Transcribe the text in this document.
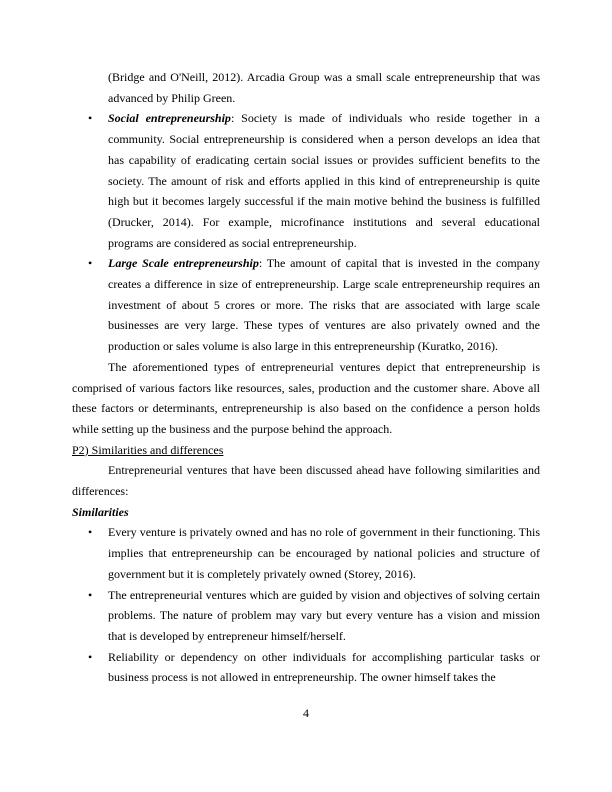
(Bridge and O'Neill, 2012). Arcadia Group was a small scale entrepreneurship that was advanced by Philip Green.

• Social entrepreneurship: Society is made of individuals who reside together in a community. Social entrepreneurship is considered when a person develops an idea that has capability of eradicating certain social issues or provides sufficient benefits to the society. The amount of risk and efforts applied in this kind of entrepreneurship is quite high but it becomes largely successful if the main motive behind the business is fulfilled (Drucker, 2014). For example, microfinance institutions and several educational programs are considered as social entrepreneurship.
• Large Scale entrepreneurship: The amount of capital that is invested in the company creates a difference in size of entrepreneurship. Large scale entrepreneurship requires an investment of about 5 crores or more. The risks that are associated with large scale businesses are very large. These types of ventures are also privately owned and the production or sales volume is also large in this entrepreneurship (Kuratko, 2016).

The aforementioned types of entrepreneurial ventures depict that entrepreneurship is comprised of various factors like resources, sales, production and the customer share. Above all these factors or determinants, entrepreneurship is also based on the confidence a person holds while setting up the business and the purpose behind the approach.

P2) Similarities and differences

Entrepreneurial ventures that have been discussed ahead have following similarities and differences:

Similarities

• Every venture is privately owned and has no role of government in their functioning. This implies that entrepreneurship can be encouraged by national policies and structure of government but it is completely privately owned (Storey, 2016).
• The entrepreneurial ventures which are guided by vision and objectives of solving certain problems. The nature of problem may vary but every venture has a vision and mission that is developed by entrepreneur himself/herself.
• Reliability or dependency on other individuals for accomplishing particular tasks or business process is not allowed in entrepreneurship. The owner himself takes the
4
